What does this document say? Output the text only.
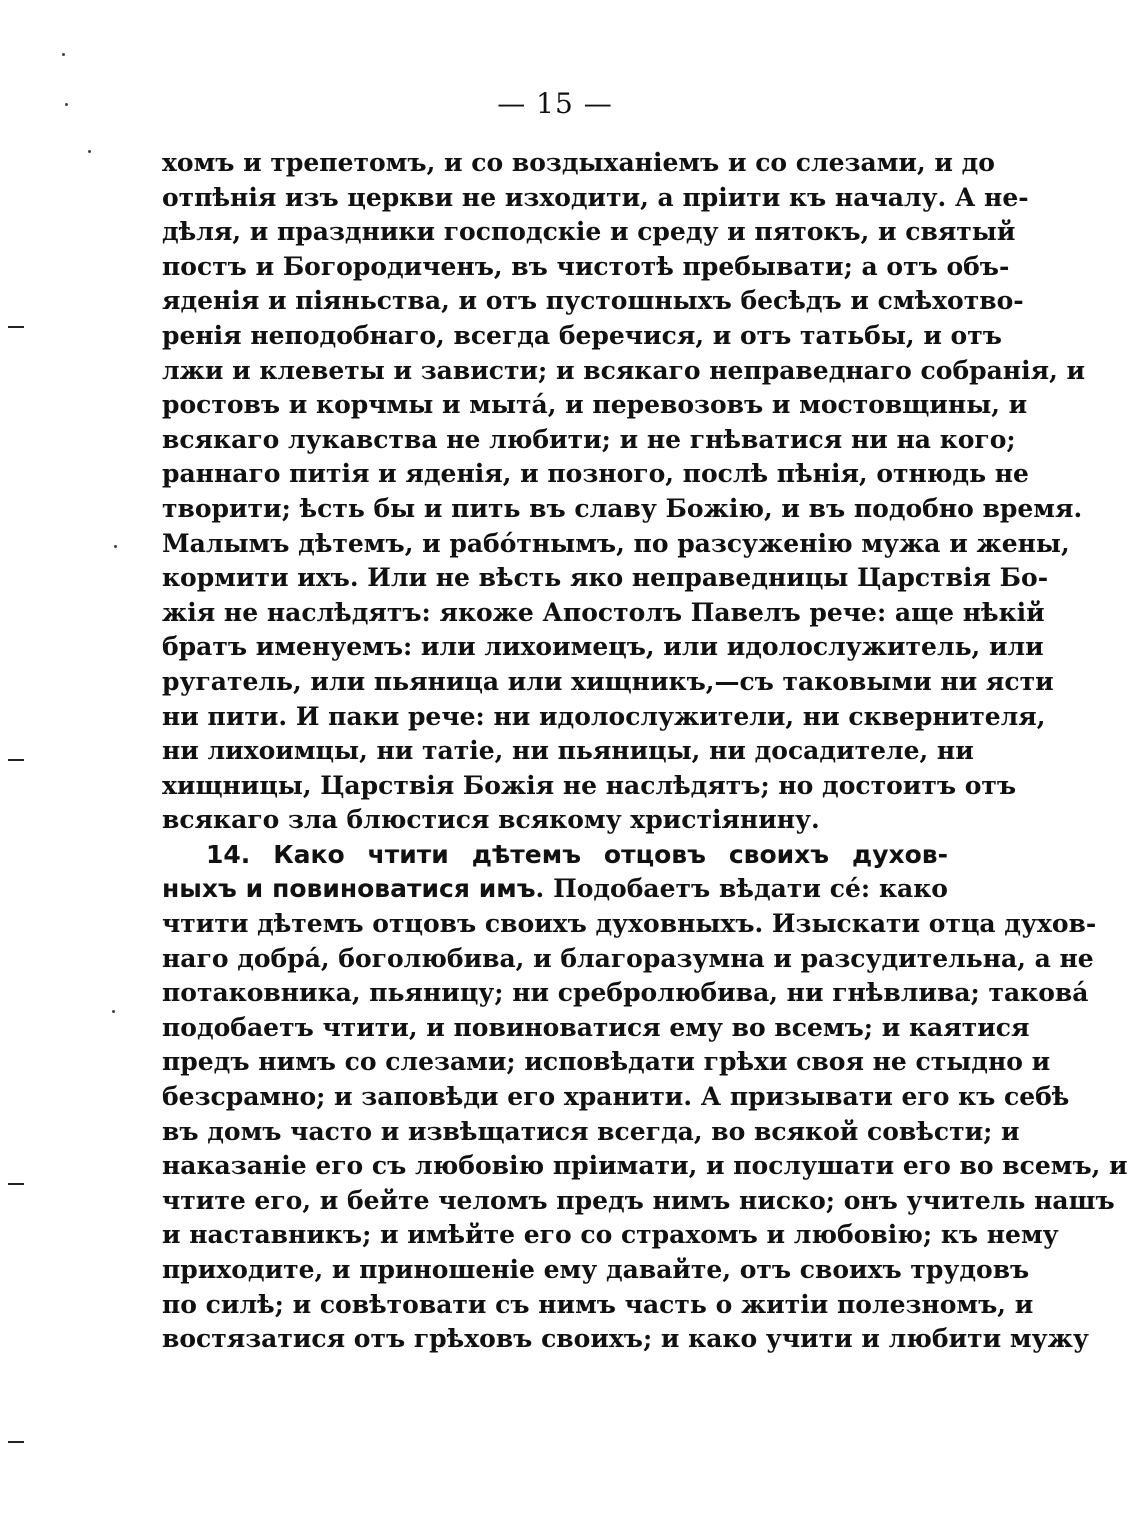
— 15 —
хомъ и трепетомъ, и со воздыханіемъ и со слезами, и до
отпѣнія изъ церкви не изходити, а пріити къ началу. А не-
дѣля, и праздники господскіе и среду и пятокъ, и святый
постъ и Богородиченъ, въ чистотѣ пребывати; а отъ объ-
яденія и піяньства, и отъ пустошныхъ бесѣдъ и смѣхотво-
ренія неподобнаго, всегда беречися, и отъ татьбы, и отъ
лжи и клеветы и зависти; и всякаго неправеднаго собранія, и
ростовъ и корчмы и мытá, и перевозовъ и мостовщины, и
всякаго лукавства не любити; и не гнѣватися ни на кого;
раннаго питія и яденія, и позного, послѣ пѣнія, отнюдь не
творити; ѣсть бы и пить въ славу Божію, и въ подобно время.
Малымъ дѣтемъ, и рабóтнымъ, по разсуженію мужа и жены,
кормити ихъ. Или не вѣсть яко неправедницы Царствія Бо-
жія не наслѣдятъ: якоже Апостолъ Павелъ рече: аще нѣкій
братъ именуемъ: или лихоимецъ, или идолослужитель, или
ругатель, или пьяница или хищникъ,—съ таковыми ни ясти
ни пити. И паки рече: ни идолослужители, ни сквернителя,
ни лихоимцы, ни татіе, ни пьяницы, ни досадителе, ни
хищницы, Царствія Божія не наслѣдятъ; но достоитъ отъ
всякаго зла блюстися всякому христіянину.
14. Како чтити дѣтемъ отцовъ своихъ духов-
ныхъ и повиноватися имъ. Подобаетъ вѣдати сé: како
чтити дѣтемъ отцовъ своихъ духовныхъ. Изыскати отца духов-
наго добрá, боголюбива, и благоразумна и разсудительна, а не
потаковника, пьяницу; ни сребролюбива, ни гнѣвлива; таковá
подобаетъ чтити, и повиноватися ему во всемъ; и каятися
предъ нимъ со слезами; исповѣдати грѣхи своя не стыдно и
безсрамно; и заповѣди его хранити. А призывати его къ себѣ
въ домъ часто и извѣщатися всегда, во всякой совѣсти; и
наказаніе его съ любовію пріимати, и послушати его во всемъ, и
чтите его, и бейте челомъ предъ нимъ ниско; онъ учитель нашъ
и наставникъ; и имѣйте его со страхомъ и любовію; къ нему
приходите, и приношеніе ему давайте, отъ своихъ трудовъ
по силѣ; и совѣтовати съ нимъ часть о житіи полезномъ, и
востязатися отъ грѣховъ своихъ; и како учити и любити мужу
